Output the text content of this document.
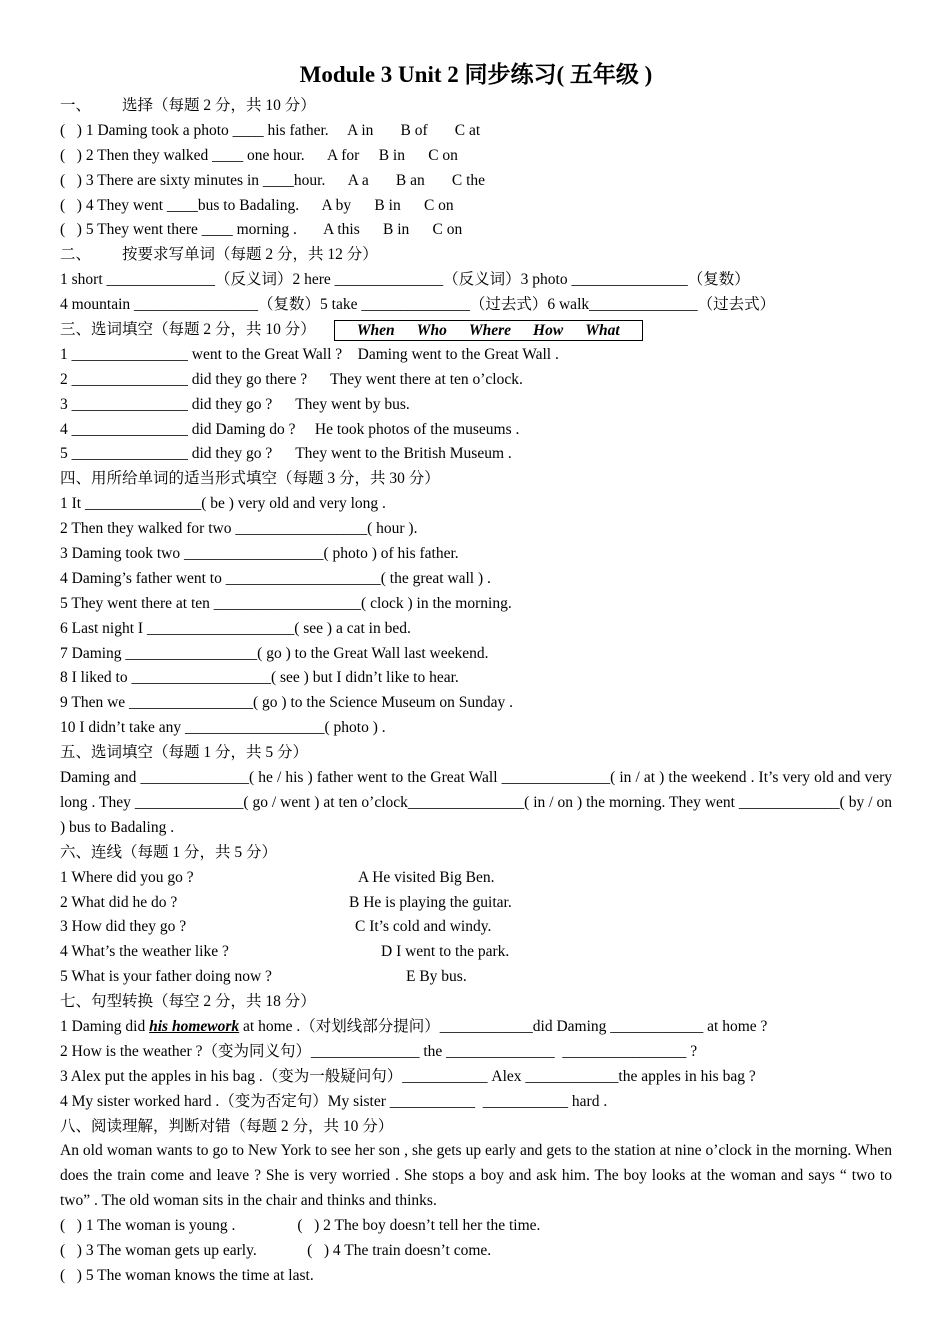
Module 3 Unit 2 同步练习( 五年级 )
一、        选择（每题 2 分，共 10 分）
(   ) 1 Daming took a photo ____ his father.     A in       B of       C at
(   ) 2 Then they walked ____ one hour.      A for     B in      C on
(   ) 3 There are sixty minutes in ____hour.      A a       B an       C the
(   ) 4 They went ____bus to Badaling.      A by      B in      C on
(   ) 5 They went there ____ morning .       A this      B in      C on
二、        按要求写单词（每题 2 分，共 12 分）
1 short ______________（反义词）2 here ______________（反义词）3 photo _______________（复数）
4 mountain ________________（复数）5 take ______________（过去式）6 walk______________（过去式）
三、选词填空（每题 2 分，共 10 分）	When Who Where How What
1 _______________ went to the Great Wall ?    Daming went to the Great Wall .
2 _______________ did they go there ?      They went there at ten o’clock.
3 _______________ did they go ?      They went by bus.
4 _______________ did Daming do ?     He took photos of the museums .
5 _______________ did they go ?      They went to the British Museum .
四、用所给单词的适当形式填空（每题 3 分，共 30 分）
1 It _______________( be ) very old and very long .
2 Then they walked for two _________________( hour ).
3 Daming took two __________________( photo ) of his father.
4 Daming’s father went to ____________________( the great wall ) .
5 They went there at ten ___________________( clock ) in the morning.
6 Last night I ___________________( see ) a cat in bed.
7 Daming _________________( go ) to the Great Wall last weekend.
8 I liked to __________________( see ) but I didn’t like to hear.
9 Then we ________________( go ) to the Science Museum on Sunday .
10 I didn’t take any __________________( photo ) .
五、选词填空（每题 1 分，共 5 分）
Daming and ______________( he / his ) father went to the Great Wall ______________( in / at ) the weekend . It’s very old and very long . They ______________( go / went ) at ten o’clock_______________( in / on ) the morning. They went _____________( by / on ) bus to Badaling .
六、连线（每题 1 分，共 5 分）
1 Where did you go ?	A He visited Big Ben.
2 What did he do ?	B He is playing the guitar.
3 How did they go ?	C It’s cold and windy.
4 What’s the weather like ?	D I went to the park.
5 What is your father doing now ?	E By bus.
七、句型转换（每空 2 分，共 18 分）
1 Daming did his homework at home .（对划线部分提问）____________did Daming ____________ at home ?
2 How is the weather ?（变为同义句）______________ the ______________  ________________ ?
3 Alex put the apples in his bag .（变为一般疑问句）___________ Alex ____________the apples in his bag ?
4 My sister worked hard .（变为否定句）My sister ___________  ___________ hard .
八、阅读理解，判断对错（每题 2 分，共 10 分）
An old woman wants to go to New York to see her son , she gets up early and gets to the station at nine o’clock in the morning. When does the train come and leave ? She is very worried . She stops a boy and ask him. The boy looks at the woman and says “ two to two” . The old woman sits in the chair and thinks and thinks.
(   ) 1 The woman is young .                (   ) 2 The boy doesn’t tell her the time.
(   ) 3 The woman gets up early.             (   ) 4 The train doesn’t come.
(   ) 5 The woman knows the time at last.
